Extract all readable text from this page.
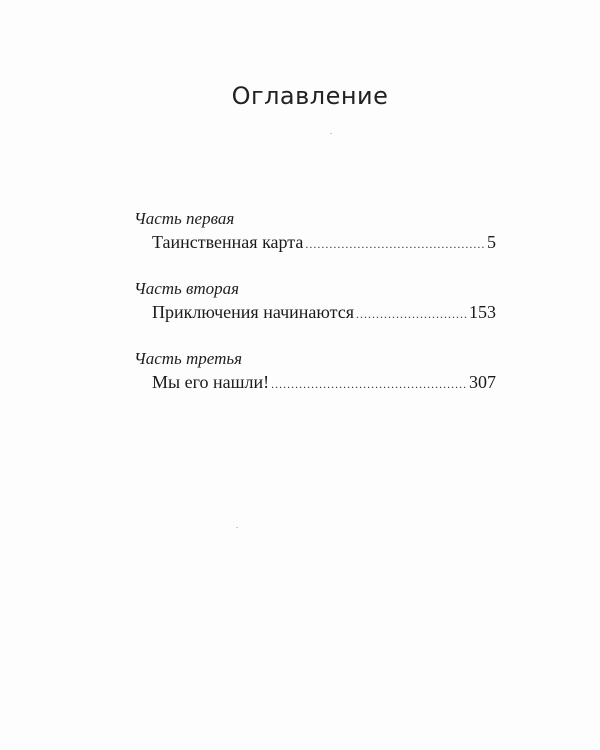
Оглавление
Часть первая
Таинственная карта .....	5
Часть вторая
Приключения начинаются .....	153
Часть третья
Мы его нашли! .....	307
